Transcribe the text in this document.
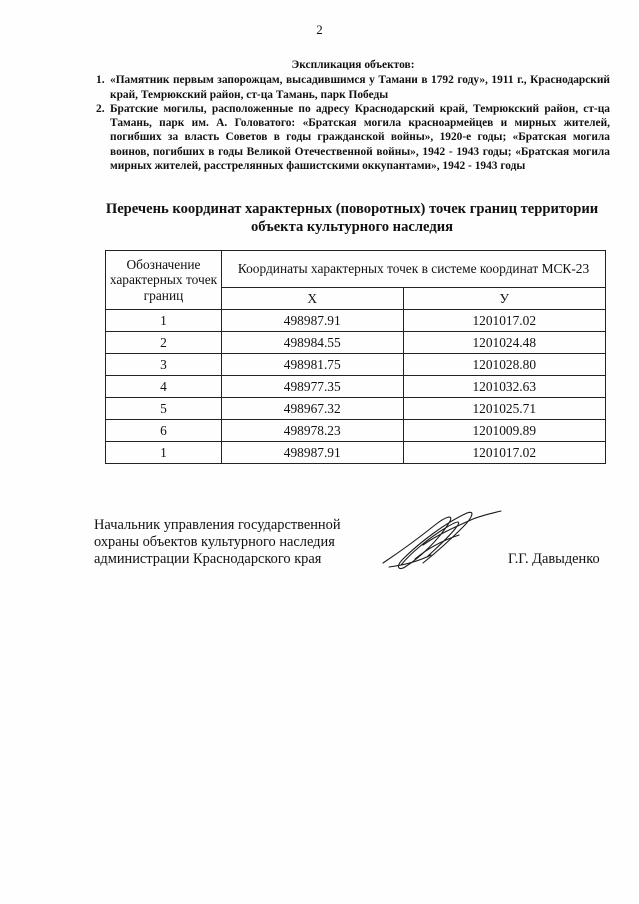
2
Экспликация объектов:
1. «Памятник первым запорожцам, высадившимся у Тамани в 1792 году», 1911 г., Краснодарский край, Темрюкский район, ст-ца Тамань, парк Победы
2. Братские могилы, расположенные по адресу Краснодарский край, Темрюкский район, ст-ца Тамань, парк им. А. Головатого: «Братская могила красноармейцев и мирных жителей, погибших за власть Советов в годы гражданской войны», 1920-е годы; «Братская могила воинов, погибших в годы Великой Отечественной войны», 1942 - 1943 годы; «Братская могила мирных жителей, расстрелянных фашистскими оккупантами», 1942 - 1943 годы
Перечень координат характерных (поворотных) точек границ территории
объекта культурного наследия
Обозначение характерных точек границ	Координаты характерных точек в системе координат МСК-23	
	Х	У
1	498987.91	1201017.02
2	498984.55	1201024.48
3	498981.75	1201028.80
4	498977.35	1201032.63
5	498967.32	1201025.71
6	498978.23	1201009.89
1	498987.91	1201017.02
Начальник управления государственной
охраны объектов культурного наследия
администрации Краснодарского края	Г.Г. Давыденко
